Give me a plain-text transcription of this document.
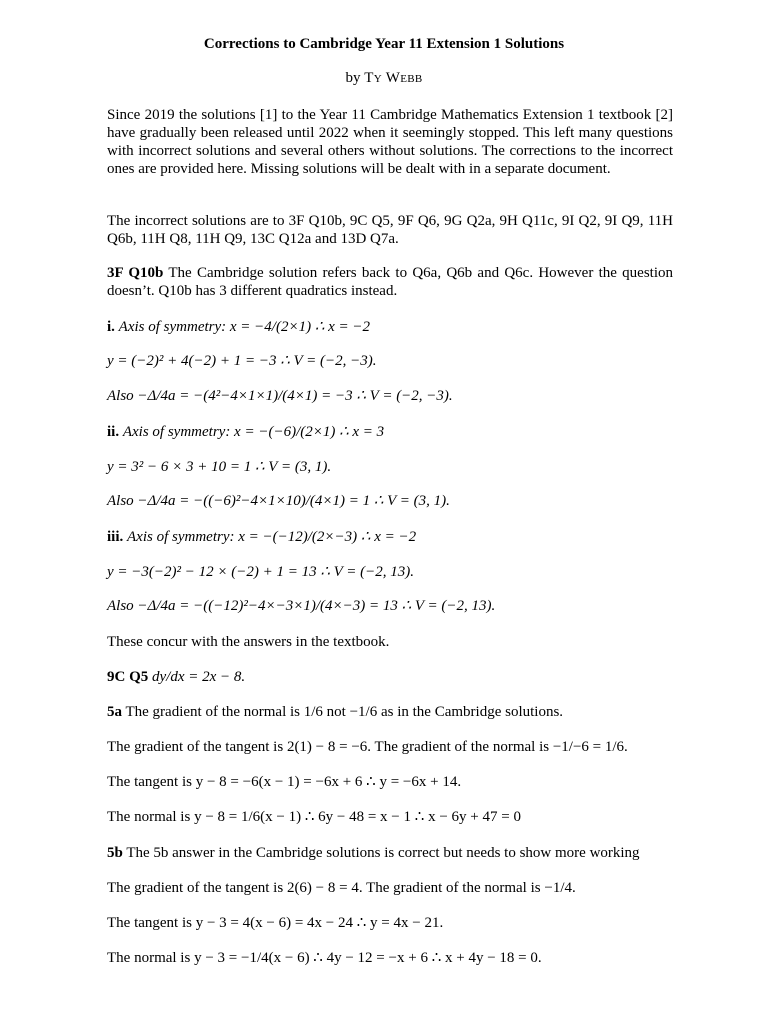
Corrections to Cambridge Year 11 Extension 1 Solutions
by Ty Webb
Since 2019 the solutions [1] to the Year 11 Cambridge Mathematics Extension 1 textbook [2] have gradually been released until 2022 when it seemingly stopped. This left many questions with incorrect solutions and several others without solutions. The corrections to the incorrect ones are provided here. Missing solutions will be dealt with in a separate document.
The incorrect solutions are to 3F Q10b, 9C Q5, 9F Q6, 9G Q2a, 9H Q11c, 9I Q2, 9I Q9, 11H Q6b, 11H Q8, 11H Q9, 13C Q12a and 13D Q7a.
3F Q10b The Cambridge solution refers back to Q6a, Q6b and Q6c. However the question doesn’t. Q10b has 3 different quadratics instead.
i. Axis of symmetry: x = −4/(2×1) ∴ x = −2
y = (−2)² + 4(−2) + 1 = −3 ∴ V = (−2, −3).
Also −Δ/4a = −(4²−4×1×1)/(4×1) = −3 ∴ V = (−2, −3).
ii. Axis of symmetry: x = −(−6)/(2×1) ∴ x = 3
y = 3² − 6 × 3 + 10 = 1 ∴ V = (3, 1).
Also −Δ/4a = −((−6)²−4×1×10)/(4×1) = 1 ∴ V = (3, 1).
iii. Axis of symmetry: x = −(−12)/(2×−3) ∴ x = −2
y = −3(−2)² − 12 × (−2) + 1 = 13 ∴ V = (−2, 13).
Also −Δ/4a = −((−12)²−4×−3×1)/(4×−3) = 13 ∴ V = (−2, 13).
These concur with the answers in the textbook.
9C Q5 dy/dx = 2x − 8.
5a The gradient of the normal is 1/6 not −1/6 as in the Cambridge solutions.
The gradient of the tangent is 2(1) − 8 = −6. The gradient of the normal is −1/−6 = 1/6.
The tangent is y − 8 = −6(x − 1) = −6x + 6 ∴ y = −6x + 14.
The normal is y − 8 = 1/6(x − 1) ∴ 6y − 48 = x − 1 ∴ x − 6y + 47 = 0
5b The 5b answer in the Cambridge solutions is correct but needs to show more working
The gradient of the tangent is 2(6) − 8 = 4. The gradient of the normal is −1/4.
The tangent is y − 3 = 4(x − 6) = 4x − 24 ∴ y = 4x − 21.
The normal is y − 3 = −1/4(x − 6) ∴ 4y − 12 = −x + 6 ∴ x + 4y − 18 = 0.
